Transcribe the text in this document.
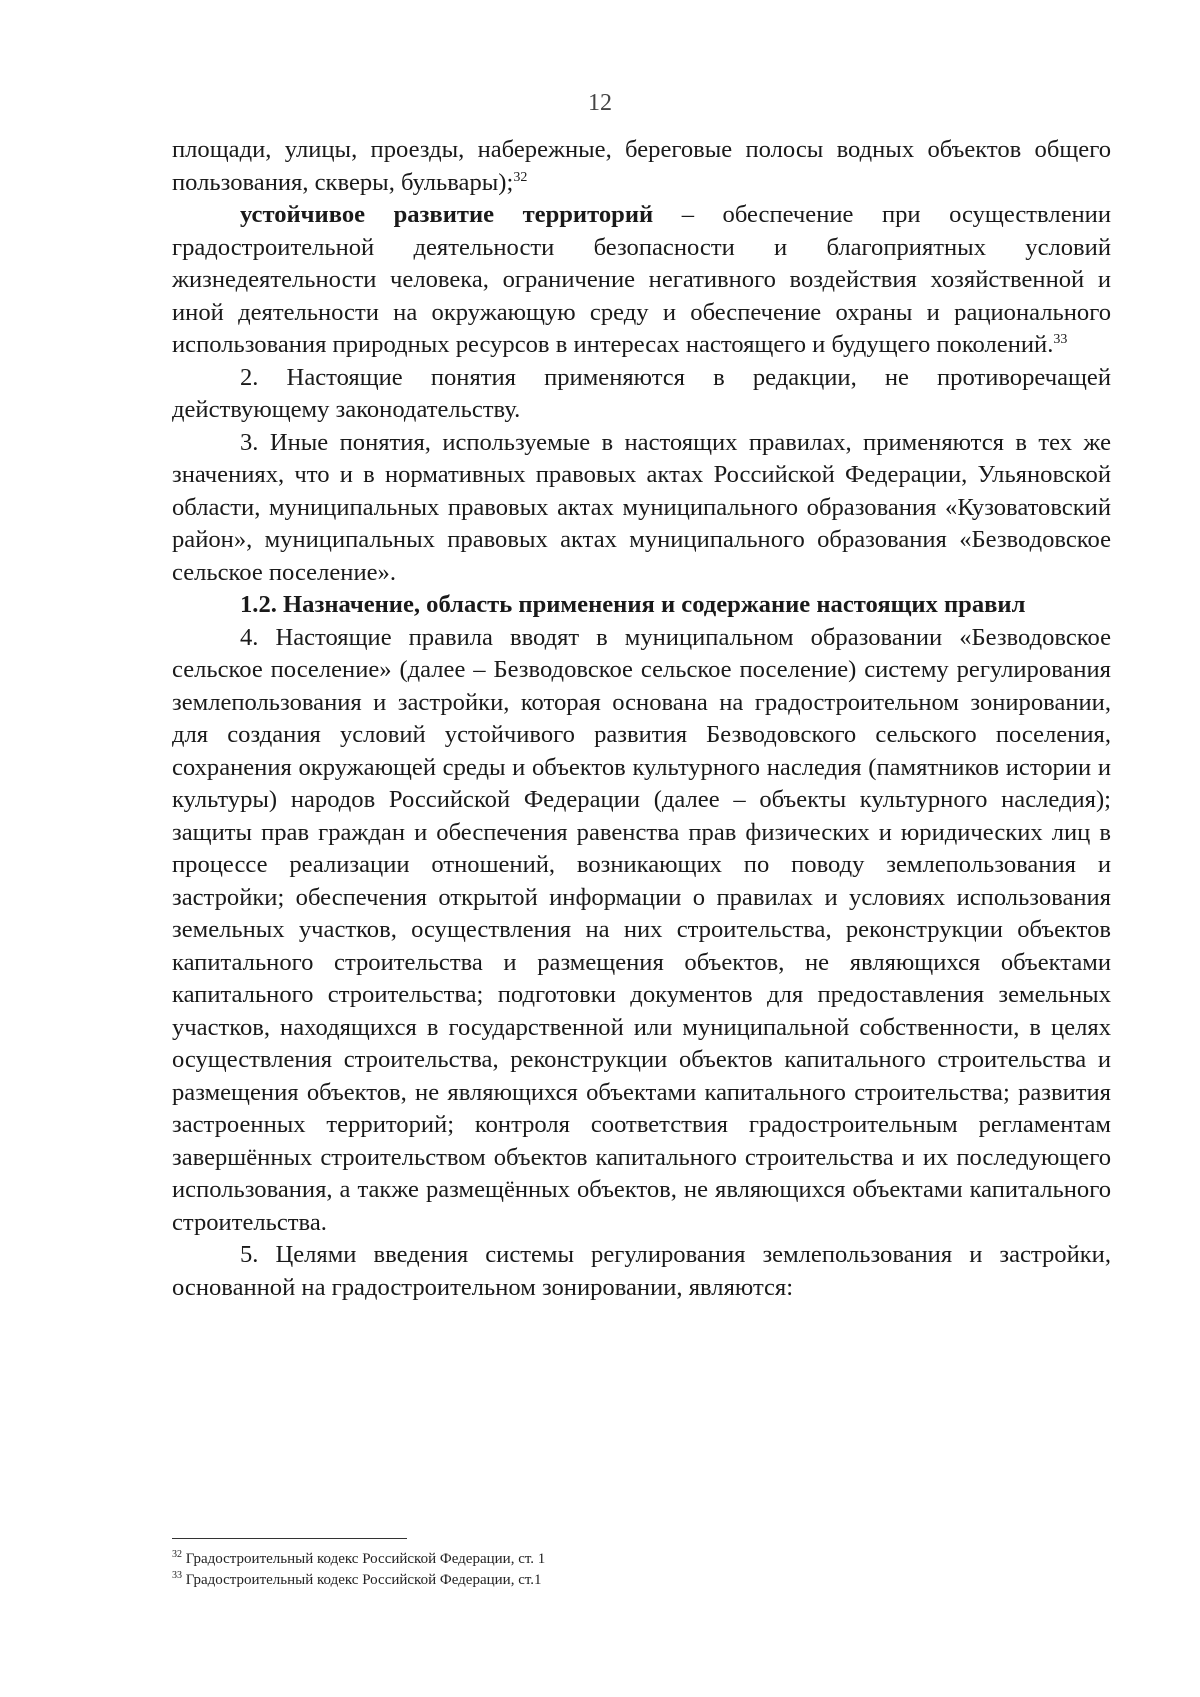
12

площади, улицы, проезды, набережные, береговые полосы водных объектов общего пользования, скверы, бульвары);$^{32}$

устойчивое развитие территорий – обеспечение при осуществлении градостроительной деятельности безопасности и благоприятных условий жизнедеятельности человека, ограничение негативного воздействия хозяйственной и иной деятельности на окружающую среду и обеспечение охраны и рационального использования природных ресурсов в интересах настоящего и будущего поколений.$^{33}$

2. Настоящие понятия применяются в редакции, не противоречащей действующему законодательству.

3. Иные понятия, используемые в настоящих правилах, применяются в тех же значениях, что и в нормативных правовых актах Российской Федерации, Ульяновской области, муниципальных правовых актах муниципального образования «Кузоватовский район», муниципальных правовых актах муниципального образования «Безводовское сельское поселение».

1.2. Назначение, область применения и содержание настоящих правил

4. Настоящие правила вводят в муниципальном образовании «Безводовское сельское поселение» (далее – Безводовское сельское поселение) систему регулирования землепользования и застройки, которая основана на градостроительном зонировании, для создания условий устойчивого развития Безводовского сельского поселения, сохранения окружающей среды и объектов культурного наследия (памятников истории и культуры) народов Российской Федерации (далее – объекты культурного наследия); защиты прав граждан и обеспечения равенства прав физических и юридических лиц в процессе реализации отношений, возникающих по поводу землепользования и застройки; обеспечения открытой информации о правилах и условиях использования земельных участков, осуществления на них строительства, реконструкции объектов капитального строительства и размещения объектов, не являющихся объектами капитального строительства; подготовки документов для предоставления земельных участков, находящихся в государственной или муниципальной собственности, в целях осуществления строительства, реконструкции объектов капитального строительства и размещения объектов, не являющихся объектами капитального строительства; развития застроенных территорий; контроля соответствия градостроительным регламентам завершённых строительством объектов капитального строительства и их последующего использования, а также размещённых объектов, не являющихся объектами капитального строительства.

5. Целями введения системы регулирования землепользования и застройки, основанной на градостроительном зонировании, являются:

$^{32}$ Градостроительный кодекс Российской Федерации, ст. 1
$^{33}$ Градостроительный кодекс Российской Федерации, ст.1
